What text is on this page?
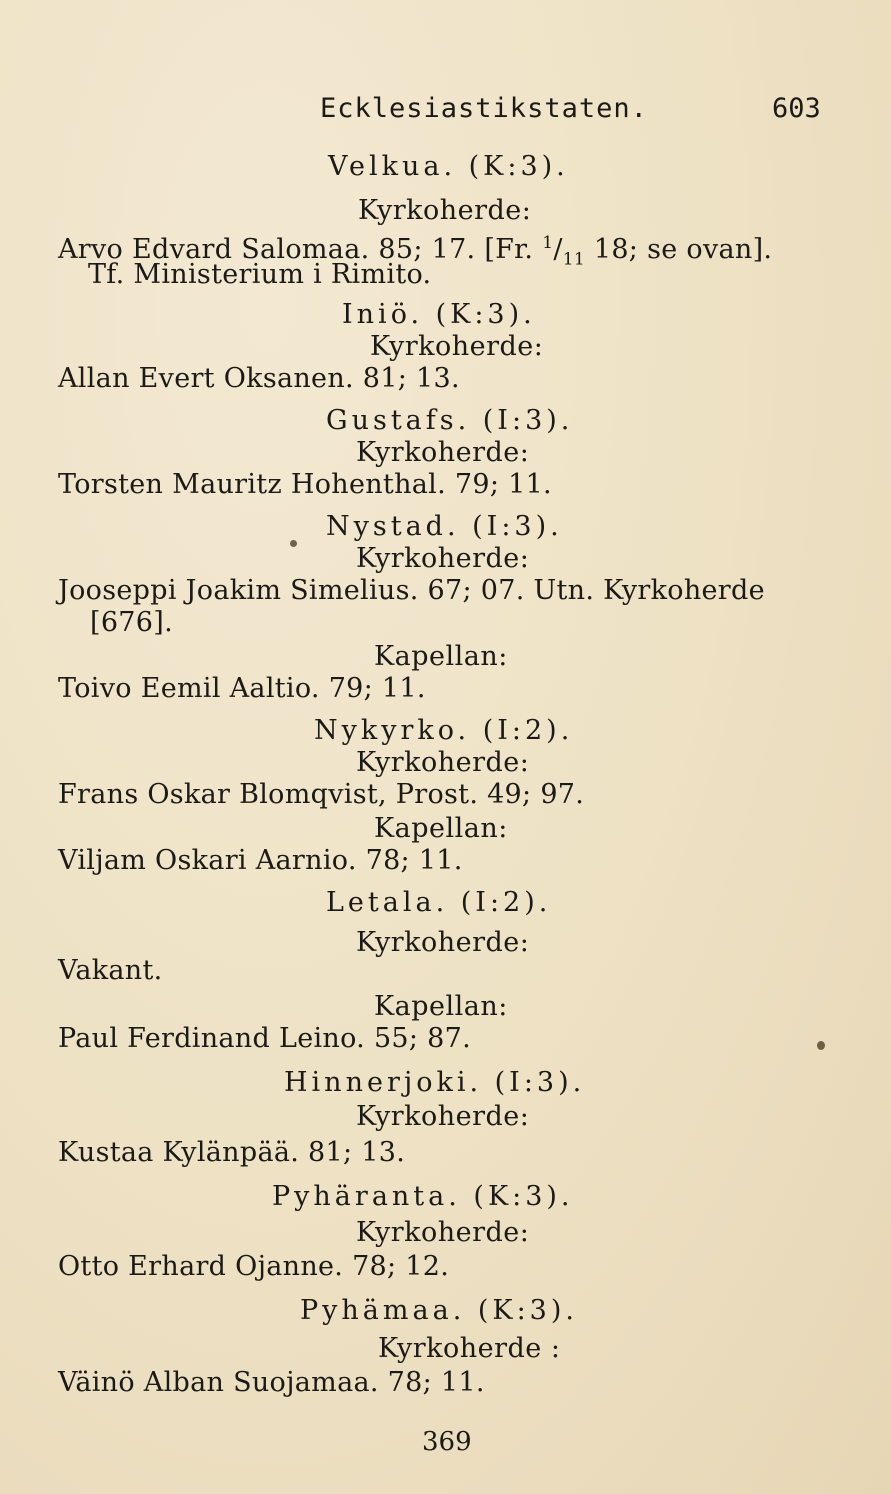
Ecklesiastikstaten.	603
Velkua. (K:3).
Kyrkoherde:
Arvo Edvard Salomaa. 85; 17. [Fr. $^1/_{11}$ 18; se ovan].
Tf. Ministerium i Rimito.
Iniö. (K:3).
Kyrkoherde:
Allan Evert Oksanen. 81; 13.
Gustafs. (I:3).
Kyrkoherde:
Torsten Mauritz Hohenthal. 79; 11.
Nystad. (I:3).
Kyrkoherde:
Jooseppi Joakim Simelius. 67; 07. Utn. Kyrkoherde
[676].
Kapellan:
Toivo Eemil Aaltio. 79; 11.
Nykyrko. (I:2).
Kyrkoherde:
Frans Oskar Blomqvist, Prost. 49; 97.
Kapellan:
Viljam Oskari Aarnio. 78; 11.
Letala. (I:2).
Kyrkoherde:
Vakant.
Kapellan:
Paul Ferdinand Leino. 55; 87.
Hinnerjoki. (I:3).
Kyrkoherde:
Kustaa Kylänpää. 81; 13.
Pyhäranta. (K:3).
Kyrkoherde:
Otto Erhard Ojanne. 78; 12.
Pyhämaa. (K:3).
Kyrkoherde :
Väinö Alban Suojamaa. 78; 11.
369
